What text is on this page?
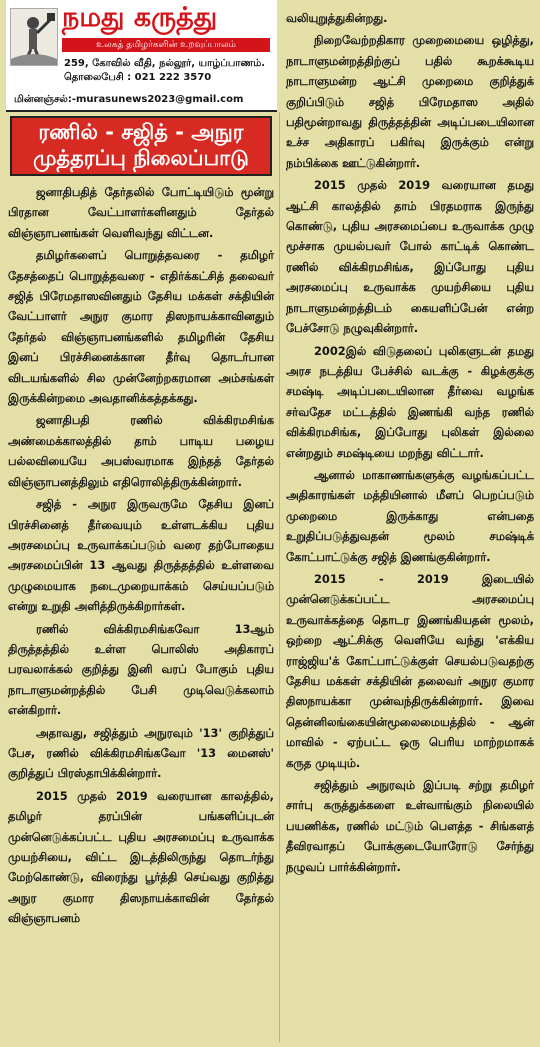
நமது கருத்து
உலகத் தமிழர்களின் உறவுப்பாலம்
259, கோவில் வீதி, நல்லூர், யாழ்ப்பாணம்.
தொலைபேசி : 021 222 3570
மின்னஞ்சல்:-murasunews2023@gmail.com
ரணில் - சஜித் - அநுர
முத்தரப்பு நிலைப்பாடு

ஜனாதிபதித் தேர்தலில் போட்டியிடும் மூன்று பிரதான வேட்பாளர்களினதும் தேர்தல் விஞ்ஞாபனங்கள் வெளிவந்து விட்டன.

தமிழர்களைப் பொறுத்தவரை - தமிழர் தேசத்தைப் பொறுத்தவரை - எதிர்க்கட்சித் தலைவர் சஜித் பிரேமதாஸவினதும் தேசிய மக்கள் சக்தியின் வேட்பாளர் அநுர குமார திஸநாயக்காவினதும் தேர்தல் விஞ்ஞாபனங்களில் தமிழரின் தேசிய இனப் பிரச்சினைக்கான தீர்வு தொடர்பான விடயங்களில் சில முன்னேற்றகரமான அம்சங்கள் இருக்கின்றமை அவதானிக்கத்தக்கது.

ஜனாதிபதி ரணில் விக்கிரமசிங்க அண்மைக்காலத்தில் தாம் பாடிய பழைய பல்லவியையே அபஸ்வரமாக இந்தத் தேர்தல் விஞ்ஞாபனத்திலும் எதிரொலித்திருக்கின்றார்.

சஜித் - அநுர இருவருமே தேசிய இனப் பிரச்சினைத் தீர்வையும் உள்ளடக்கிய புதிய அரசமைப்பு உருவாக்கப்படும் வரை தற்போதைய அரசமைப்பின் 13 ஆவது திருத்தத்தில் உள்ளவை முழுமையாக நடைமுறையாக்கம் செய்யப்படும் என்று உறுதி அளித்திருக்கிறார்கள்.

ரணில் விக்கிரமசிங்கவோ 13ஆம் திருத்தத்தில் உள்ள பொலிஸ் அதிகாரப் பரவலாக்கல் குறித்து இனி வரப் போகும் புதிய நாடாளுமன்றத்தில் பேசி முடிவெடுக்கலாம் என்கிறார்.

அதாவது, சஜித்தும் அநுரவும் '13' குறித்துப் பேச, ரணில் விக்கிரமசிங்கவோ '13 மைனஸ்' குறித்துப் பிரஸ்தாபிக்கின்றார்.

2015 முதல் 2019 வரையான காலத்தில், தமிழர் தரப்பின் பங்களிப்புடன் முன்னெடுக்கப்பட்ட புதிய அரசமைப்பு உருவாக்க முயற்சியை, விட்ட இடத்திலிருந்து தொடர்ந்து மேற்கொண்டு, விரைந்து பூர்த்தி செய்வது குறித்து அநுர குமார திஸநாயக்காவின் தேர்தல் விஞ்ஞாபனம்

வலியுறுத்துகின்றது.

நிறைவேற்றதிகார முறைமையை ஒழித்து, நாடாளுமன்றத்திற்குப் பதில் கூறக்கூடிய நாடாளுமன்ற ஆட்சி முறைமை குறித்துக் குறிப்பிடும் சஜித் பிரேமதாஸ அதில் பதிமூன்றாவது திருத்தத்தின் அடிப்படையிலான உச்ச அதிகாரப் பகிர்வு இருக்கும் என்று நம்பிக்கை ஊட்டுகின்றார்.

2015 முதல் 2019 வரையான தமது ஆட்சி காலத்தில் தாம் பிரதமராக இருந்து கொண்டு, புதிய அரசமைப்பை உருவாக்க முழு மூச்சாக முயல்பவர் போல் காட்டிக் கொண்ட ரணில் விக்கிரமசிங்க, இப்போது புதிய அரசமைப்பு உருவாக்க முயற்சியை புதிய நாடாளுமன்றத்திடம் கையளிப்பேன் என்ற பேச்சோடு நழுவுகின்றார்.

2002இல் விடுதலைப் புலிகளுடன் தமது அரச நடத்திய பேச்சில் வடக்கு - கிழக்குக்கு சமஷ்டி அடிப்படையிலான தீர்வை வழங்க சர்வதேச மட்டத்தில் இணங்கி வந்த ரணில் விக்கிரமசிங்க, இப்போது புலிகள் இல்லை என்றதும் சமஷ்டியை மறந்து விட்டார்.

ஆனால் மாகாணங்களுக்கு வழங்கப்பட்ட அதிகாரங்கள் மத்தியினால் மீளப் பெறப்படும் முறைமை இருக்காது என்பதை உறுதிப்படுத்துவதன் மூலம் சமஷ்டிக் கோட்பாட்டுக்கு சஜித் இணங்குகின்றார்.

2015 - 2019 இடையில் முன்னெடுக்கப்பட்ட அரசமைப்பு உருவாக்கத்தை தொடர இணங்கியதன் மூலம், ஒற்றை ஆட்சிக்கு வெளியே வந்து 'எக்கிய ராஜ்ஜிய'க் கோட்பாட்டுக்குள் செயல்படுவதற்கு தேசிய மக்கள் சக்தியின் தலைவர் அநுர குமார திஸநாயக்கா முன்வந்திருக்கின்றார். இவை தென்னிலங்கையின்மூலைமையத்தில் - ஆன் மாவில் - ஏற்பட்ட ஒரு பெரிய மாற்றமாகக் கருத முடியும்.

சஜித்தும் அநுரவும் இப்படி சற்று தமிழர் சார்பு கருத்துக்களை உள்வாங்கும் நிலையில் பயணிக்க, ரணில் மட்டும் பௌத்த - சிங்களத் தீவிரவாதப் போக்குடையோரோடு சேர்ந்து நழுவப் பார்க்கின்றார்.
